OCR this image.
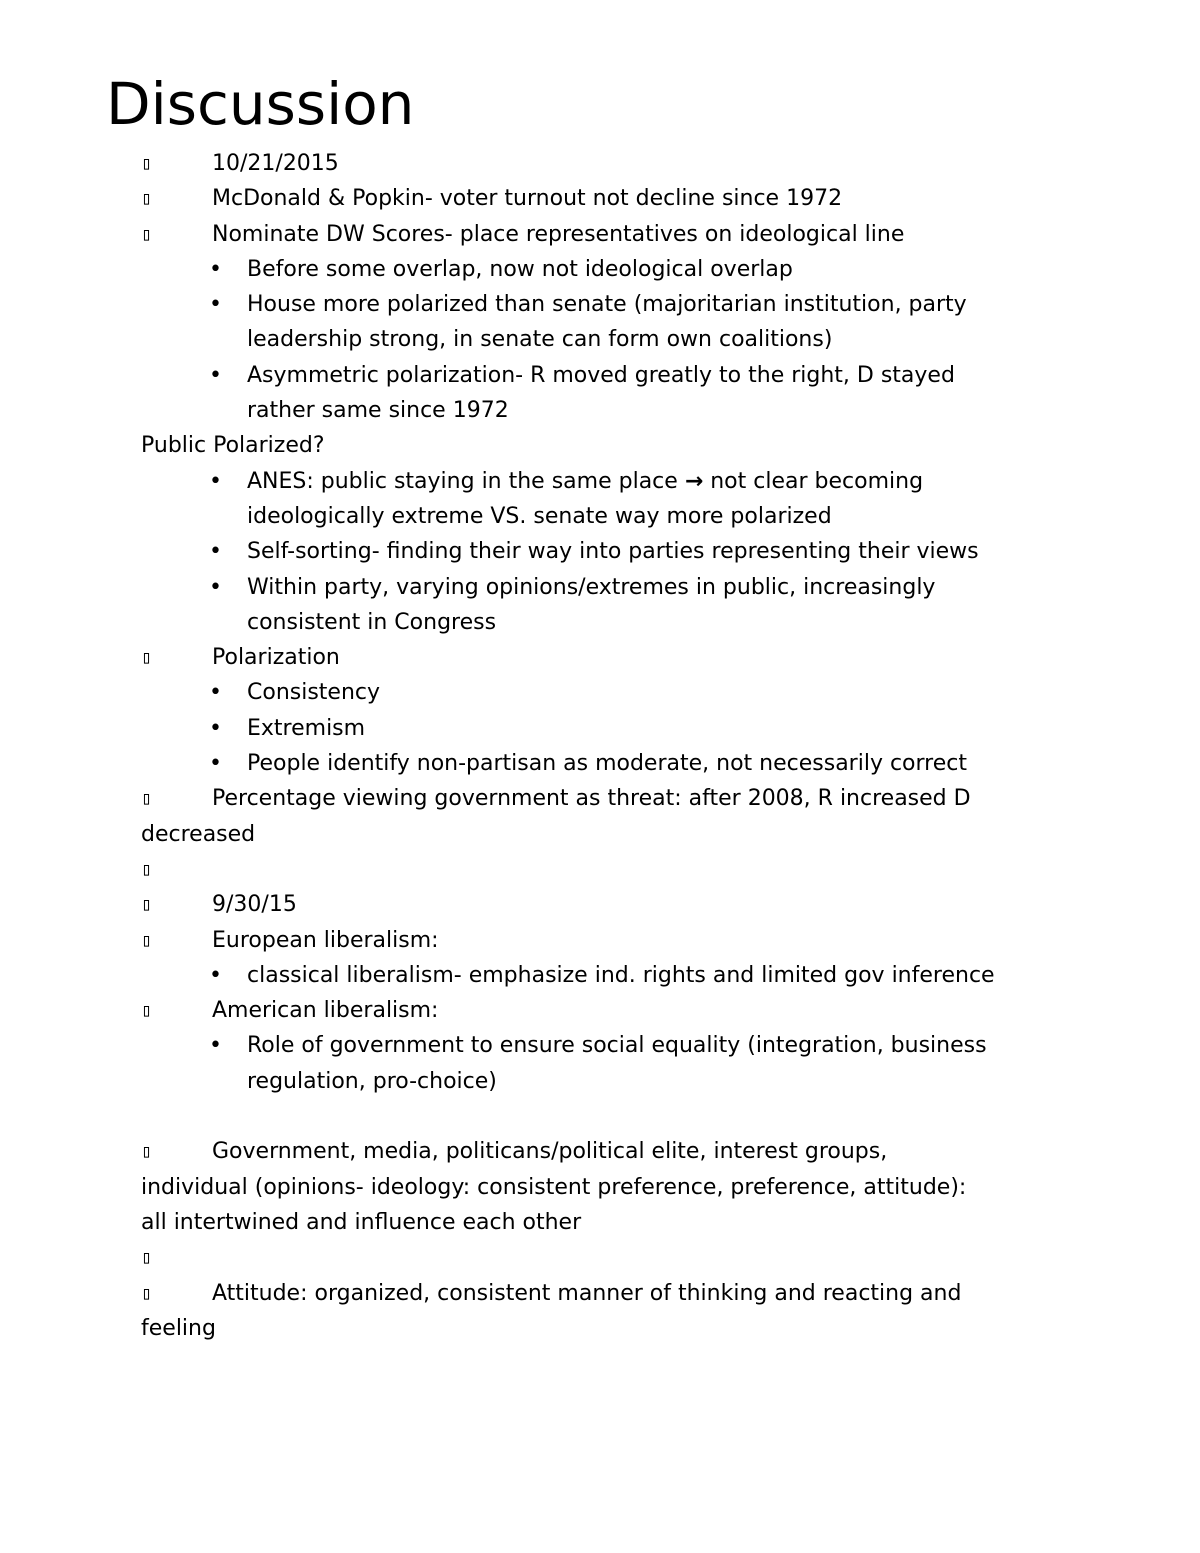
Discussion
▯	10/21/2015
▯	McDonald & Popkin- voter turnout not decline since 1972
▯	Nominate DW Scores- place representatives on ideological line
• Before some overlap, now not ideological overlap
• House more polarized than senate (majoritarian institution, party
leadership strong, in senate can form own coalitions)
• Asymmetric polarization- R moved greatly to the right, D stayed
rather same since 1972
Public Polarized?
• ANES: public staying in the same place → not clear becoming
ideologically extreme VS. senate way more polarized
• Self-sorting- finding their way into parties representing their views
• Within party, varying opinions/extremes in public, increasingly
consistent in Congress
▯	Polarization
• Consistency
• Extremism
• People identify non-partisan as moderate, not necessarily correct
▯	Percentage viewing government as threat: after 2008, R increased D
decreased
▯
▯	9/30/15
▯	European liberalism:
• classical liberalism- emphasize ind. rights and limited gov inference
▯	American liberalism:
• Role of government to ensure social equality (integration, business
regulation, pro-choice)
▯	Government, media, politicans/political elite, interest groups,
individual (opinions- ideology: consistent preference, preference, attitude):
all intertwined and influence each other
▯
▯	Attitude: organized, consistent manner of thinking and reacting and
feeling
